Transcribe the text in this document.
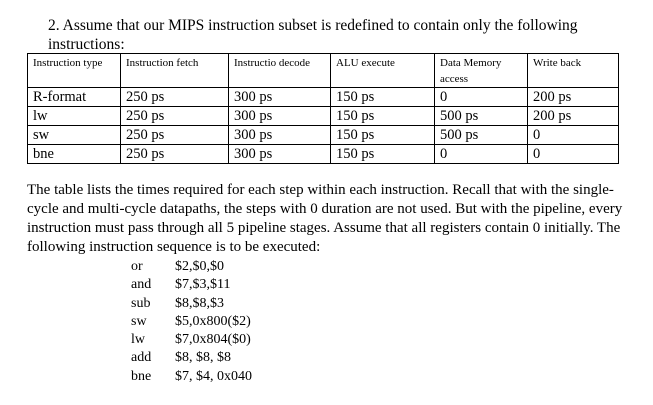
2. Assume that our MIPS instruction subset is redefined to contain only the following instructions:
Instruction type	Instruction fetch	Instructio decode	ALU execute	Data Memory access	Write back
R-format	250 ps	300 ps	150 ps	0	200 ps
lw	250 ps	300 ps	150 ps	500 ps	200 ps
sw	250 ps	300 ps	150 ps	500 ps	0
bne	250 ps	300 ps	150 ps	0	0
The table lists the times required for each step within each instruction. Recall that with the single-cycle and multi-cycle datapaths, the steps with 0 duration are not used. But with the pipeline, every instruction must pass through all 5 pipeline stages. Assume that all registers contain 0 initially. The following instruction sequence is to be executed:
or	$2,$0,$0
and	$7,$3,$11
sub	$8,$8,$3
sw	$5,0x800($2)
lw	$7,0x804($0)
add	$8, $8, $8
bne	$7, $4, 0x040
